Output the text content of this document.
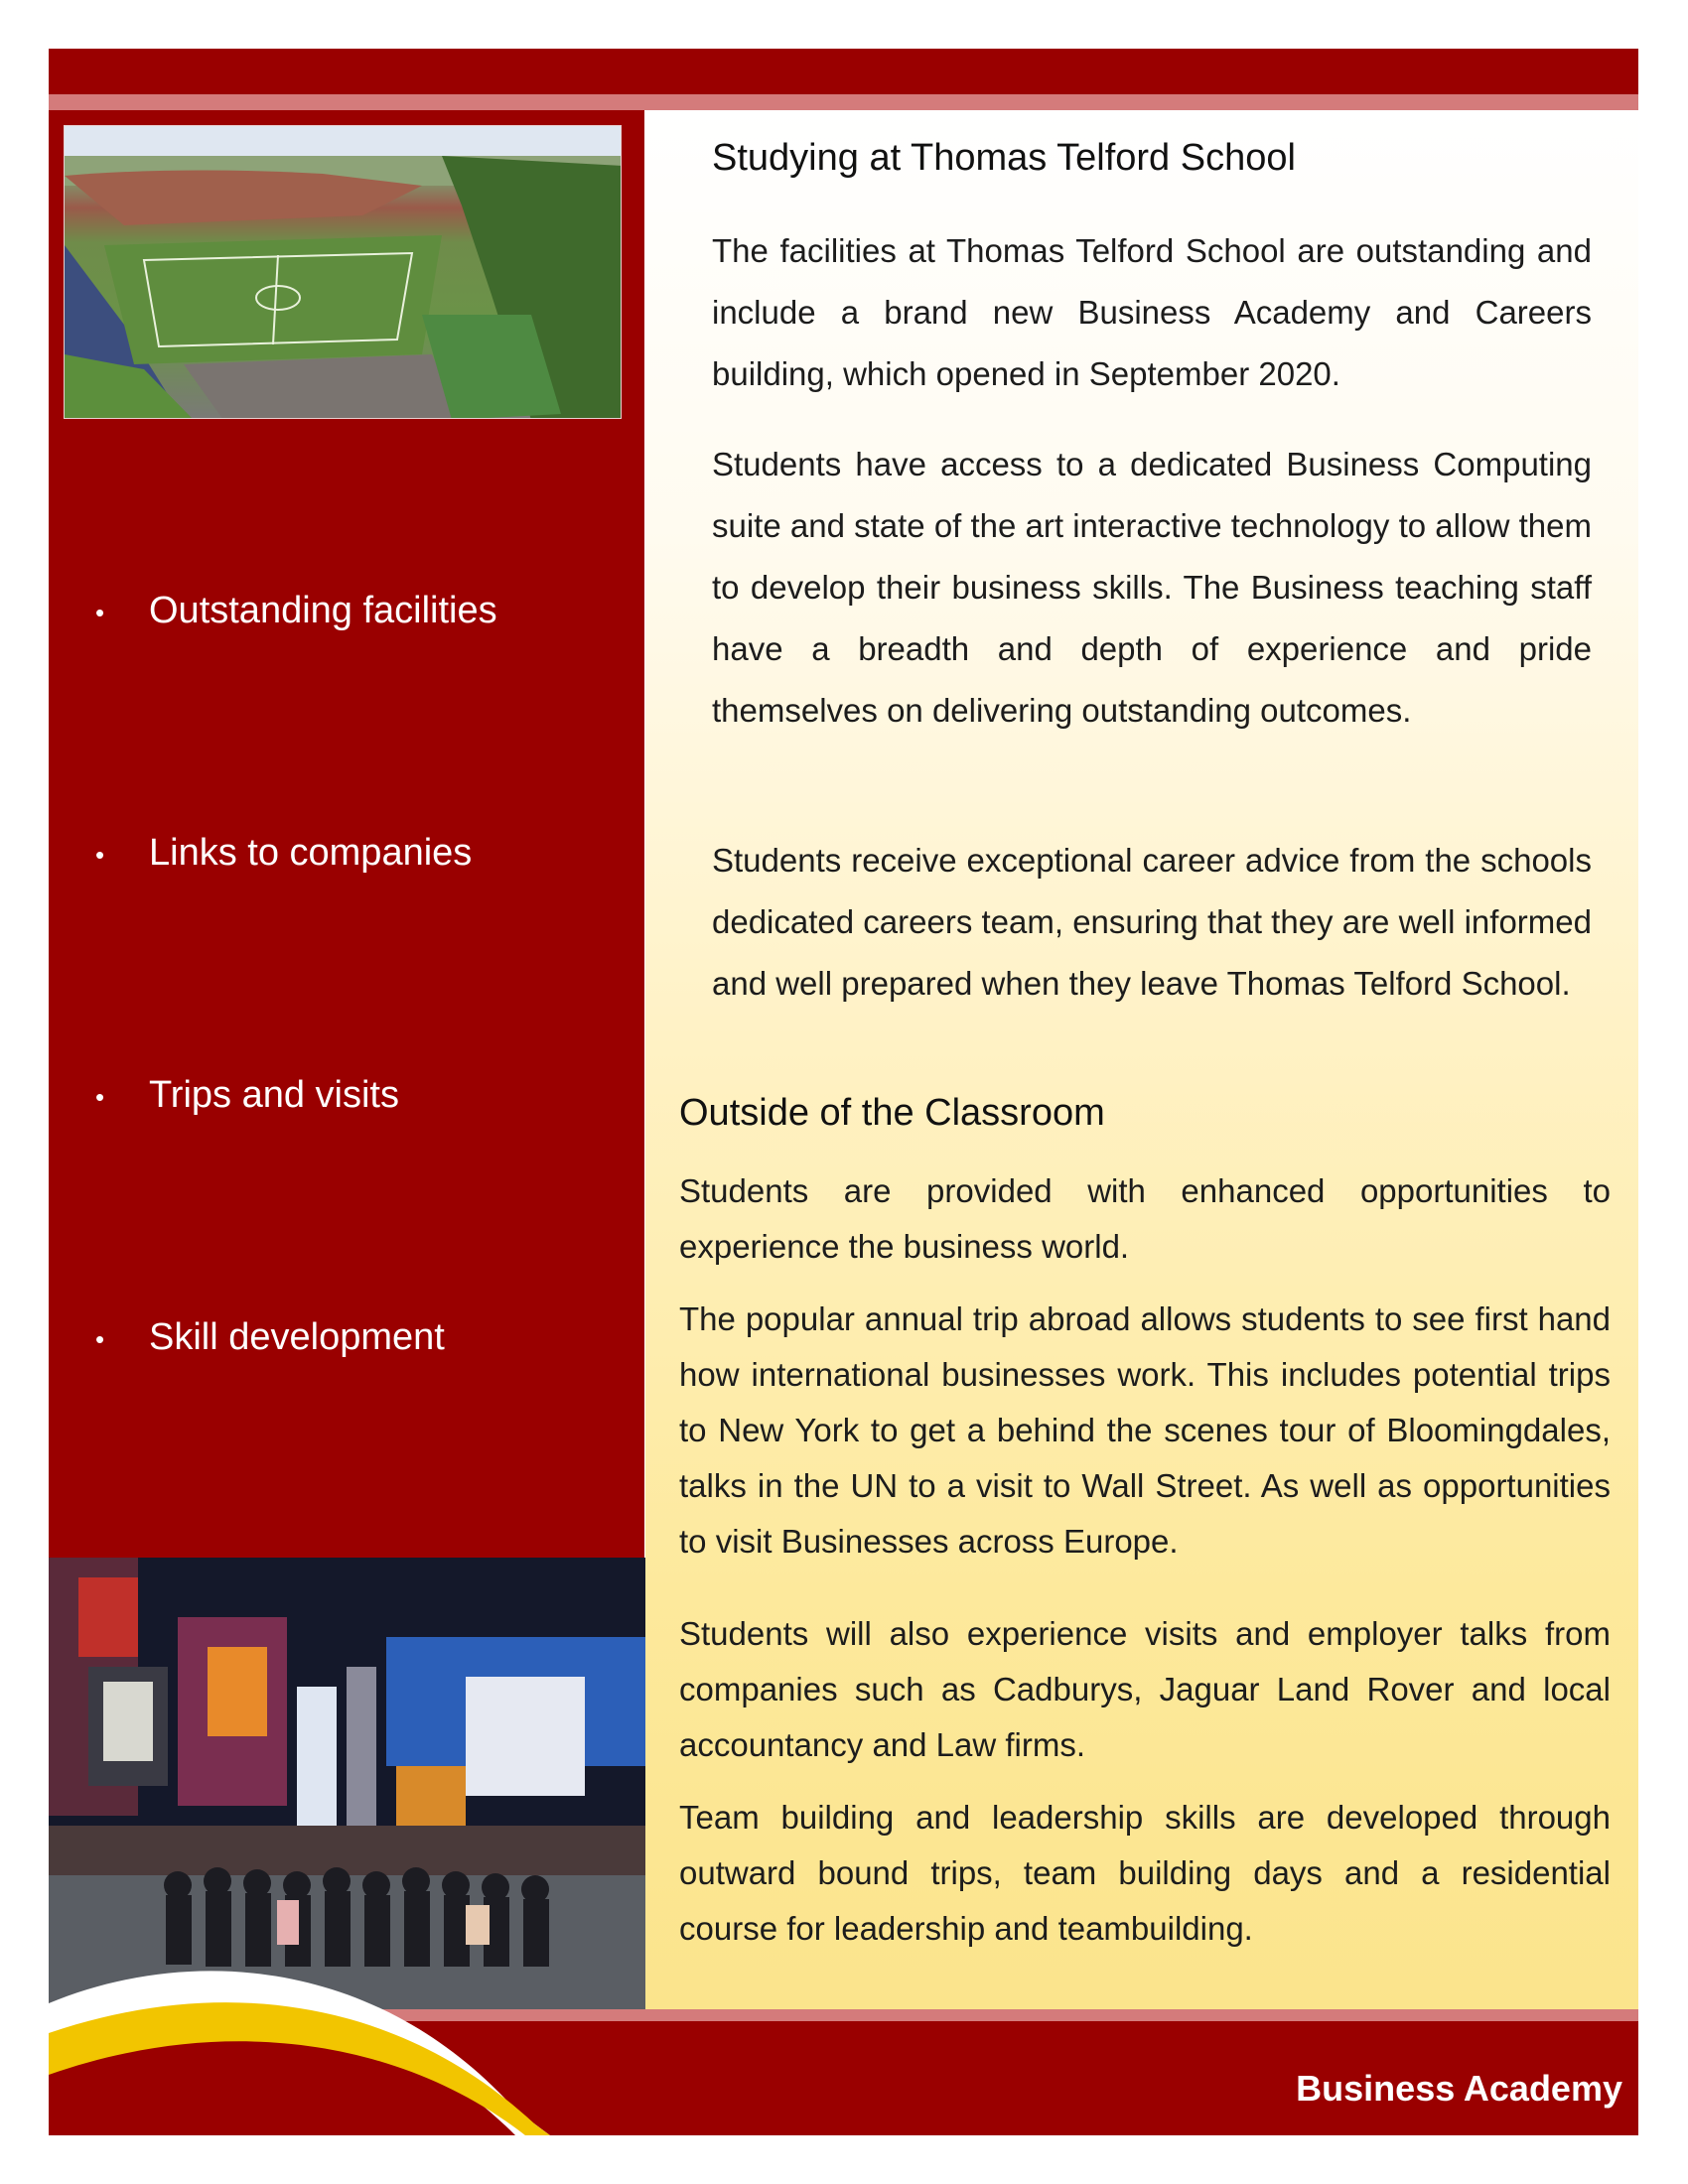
• Outstanding facilities
• Links to companies
• Trips and visits
• Skill development
Studying at Thomas Telford School
The facilities at Thomas Telford School are outstanding and include a brand new Business Academy and Careers building, which opened in September 2020.
Students have access to a dedicated Business Computing suite and state of the art interactive technology to allow them to develop their business skills. The Business teaching staff have a breadth and depth of experience and pride themselves on delivering outstanding outcomes.
Students receive exceptional career advice from the schools dedicated careers team, ensuring that they are well informed and well prepared when they leave Thomas Telford School.
Outside of the Classroom
Students are provided with enhanced opportunities to experience the business world.
The popular annual trip abroad allows students to see first hand how international businesses work. This includes potential trips to New York to get a behind the scenes tour of Bloomingdales, talks in the UN to a visit to Wall Street. As well as opportunities to visit Businesses across Europe.
Students will also experience visits and employer talks from companies such as Cadburys, Jaguar Land Rover and local accountancy and Law firms.
Team building and leadership skills are developed through outward bound trips, team building days and a residential course for leadership and teambuilding.
Business Academy
